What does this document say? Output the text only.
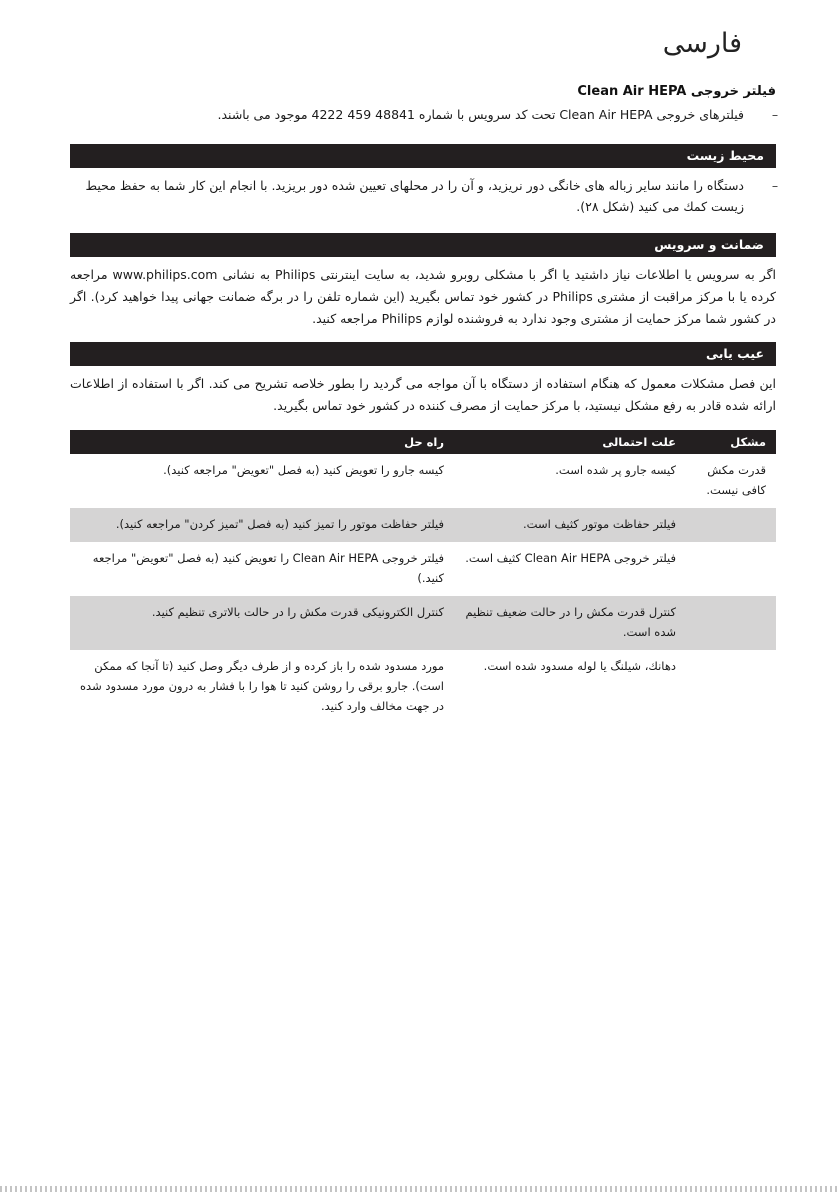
فارسی
فیلتر خروجی Clean Air HEPA
–
فیلترهای خروجی Clean Air HEPA تحت کد سرویس با شماره 48841 459 4222 موجود می باشند.
محیط زیست
–
دستگاه را مانند سایر زباله های خانگی دور نریزید، و آن را در محلهای تعیین شده دور بریزید. با انجام این کار شما به حفظ محیط زیست کمك می کنید (شکل ۲۸).
ضمانت و سرویس
اگر به سرویس یا اطلاعات نیاز داشتید یا اگر با مشکلی روبرو شدید، به سایت اینترنتی Philips به نشانی www.philips.com مراجعه کرده یا با مرکز مراقبت از مشتری Philips در کشور خود تماس بگیرید (این شماره تلفن را در برگه ضمانت جهانی پیدا خواهید کرد). اگر در کشور شما مرکز حمایت از مشتری وجود ندارد به فروشنده لوازم Philips مراجعه کنید.
عیب یابی
این فصل مشکلات معمول که هنگام استفاده از دستگاه با آن مواجه می گردید را بطور خلاصه تشریح می کند. اگر با استفاده از اطلاعات ارائه شده قادر به رفع مشکل نیستید، با مرکز حمایت از مصرف کننده در کشور خود تماس بگیرید.
مشکل
علت احتمالی
راه حل
قدرت مکش کافی نیست.
کیسه جارو پر شده است.
کیسه جارو را تعویض کنید (به فصل "تعویض" مراجعه کنید).
فیلتر حفاظت موتور کثیف است.
فیلتر حفاظت موتور را تمیز کنید (به فصل "تمیز کردن" مراجعه کنید).
فیلتر خروجی Clean Air HEPA کثیف است.
فیلتر خروجی Clean Air HEPA را تعویض کنید (به فصل "تعویض" مراجعه کنید.)
کنترل قدرت مکش را در حالت ضعیف تنظیم شده است.
کنترل الکترونیکی قدرت مکش را در حالت بالاتری تنظیم کنید.
دهانك، شیلنگ یا لوله مسدود شده است.
مورد مسدود شده را باز کرده و از طرف دیگر وصل کنید (تا آنجا که ممکن است). جارو برقی را روشن کنید تا هوا را با فشار به درون مورد مسدود شده در جهت مخالف وارد کنید.
